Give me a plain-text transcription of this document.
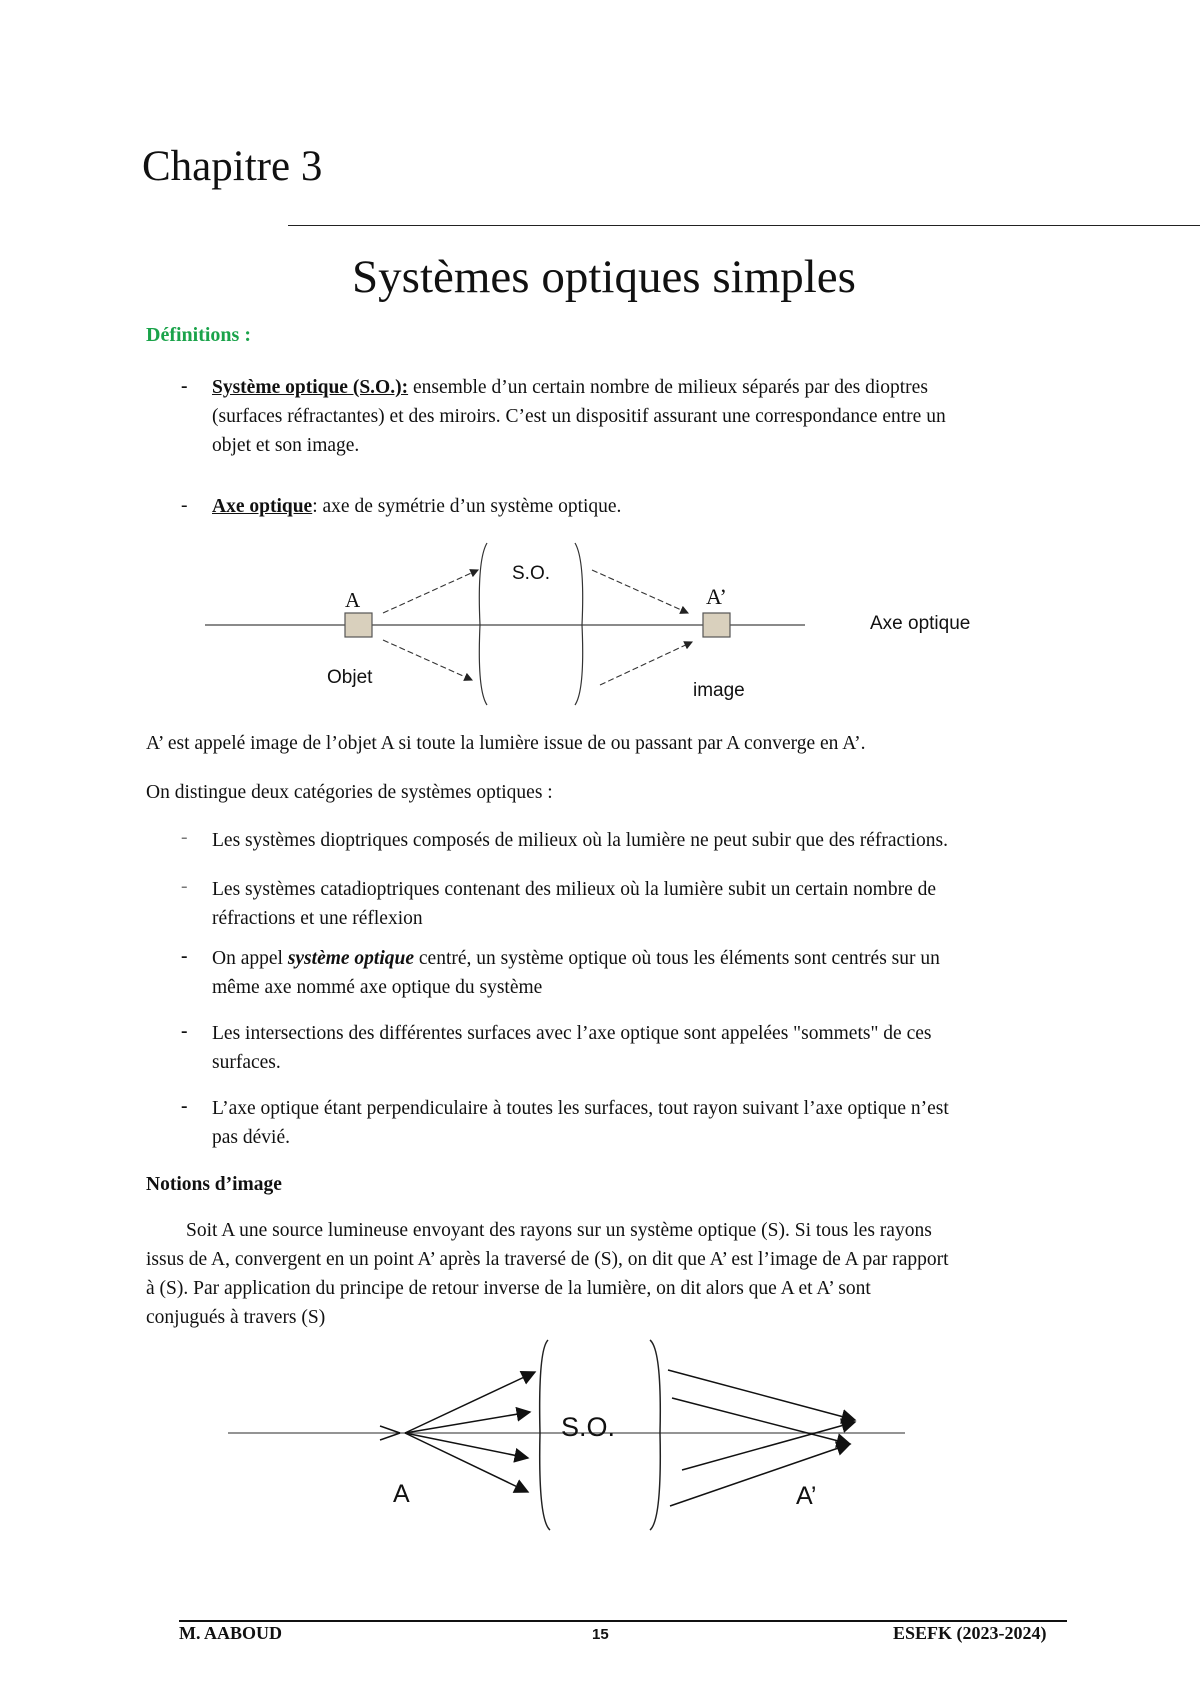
Chapitre 3
Systèmes optiques simples
Définitions :
- Système optique (S.O.): ensemble d’un certain nombre de milieux séparés par des dioptres
(surfaces réfractantes) et des miroirs. C’est un dispositif assurant une correspondance entre un
objet et son image.
- Axe optique: axe de symétrie d’un système optique.
A	A’
S.O.
Objet
image
Axe optique
A’ est appelé image de l’objet A si toute la lumière issue de ou passant par A converge en A’.
On distingue deux catégories de systèmes optiques :
- Les systèmes dioptriques composés de milieux où la lumière ne peut subir que des réfractions.
- Les systèmes catadioptriques contenant des milieux où la lumière subit un certain nombre de
réfractions et une réflexion
- On appel système optique centré, un système optique où tous les éléments sont centrés sur un
même axe nommé axe optique du système
- Les intersections des différentes surfaces avec l’axe optique sont appelées "sommets" de ces
surfaces.
- L’axe optique étant perpendiculaire à toutes les surfaces, tout rayon suivant l’axe optique n’est
pas dévié.
Notions d’image
Soit A une source lumineuse envoyant des rayons sur un système optique (S). Si tous les rayons
issus de A, convergent en un point A’ après la traversé de (S), on dit que A’ est l’image de A par rapport
à (S). Par application du principe de retour inverse de la lumière, on dit alors que A et A’ sont
conjugués à travers (S)
S.O.
A	A’
M. AABOUD	15	ESEFK (2023-2024)
